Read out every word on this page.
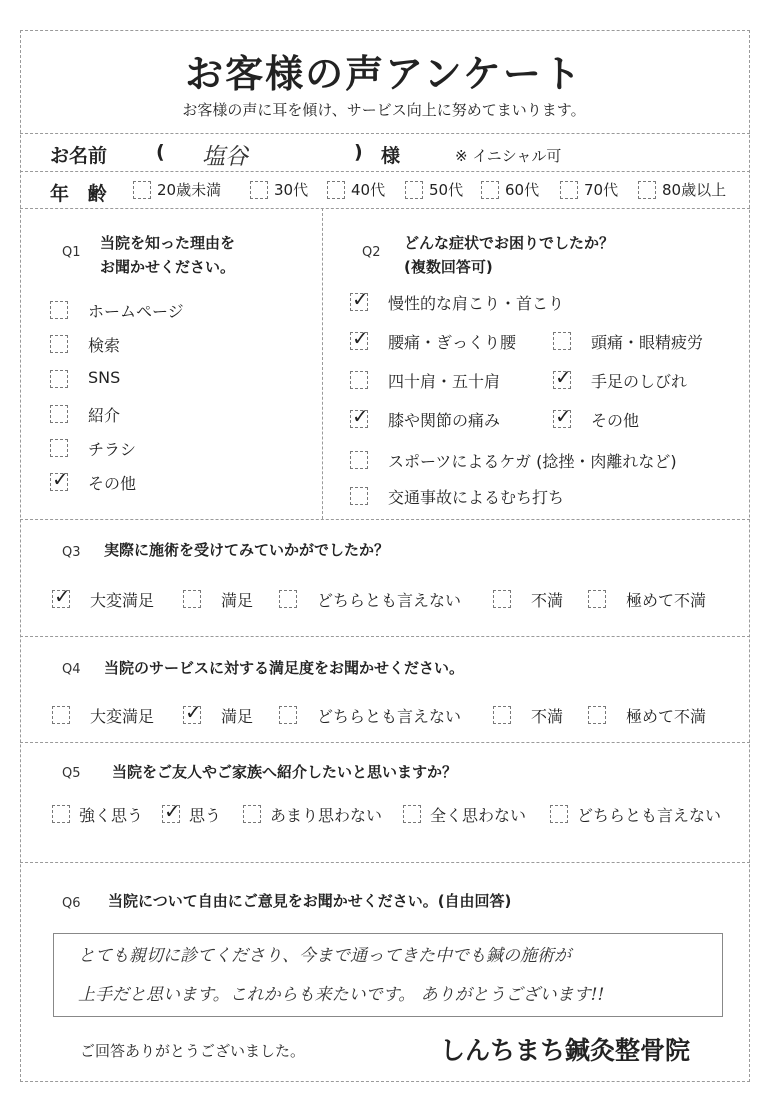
お客様の声アンケート
お客様の声に耳を傾け、サービス向上に努めてまいります。
お名前	( 塩谷	) 様	※ イニシャル可
年 齢	20歳未満	30代	40代	50代	60代	70代	80歳以上
Q1
当院を知った理由を
お聞かせください。
ホームページ
検索
SNS
紹介
チラシ
✓ その他
Q2
どんな症状でお困りでしたか？
(複数回答可)
✓ 慢性的な肩こり・首こり
✓ 腰痛・ぎっくり腰	頭痛・眼精疲労
四十肩・五十肩	✓ 手足のしびれ
✓ 膝や関節の痛み	✓ その他
スポーツによるケガ (捻挫・肉離れなど)
交通事故によるむち打ち
Q3 実際に施術を受けてみていかがでしたか？
✓ 大変満足	満足	どちらとも言えない	不満	極めて不満
Q4 当院のサービスに対する満足度をお聞かせください。
大変満足 ✓ 満足	どちらとも言えない	不満	極めて不満
Q5 当院をご友人やご家族へ紹介したいと思いますか？
強く思う ✓ 思う	あまり思わない	全く思わない	どちらとも言えない
Q6 当院について自由にご意見をお聞かせください。(自由回答)
とても親切に診てくださり、今まで通ってきた中でも鍼の施術が
上手だと思います。これからも来たいです。 ありがとうございます!!
ご回答ありがとうございました。	しんちまち鍼灸整骨院
